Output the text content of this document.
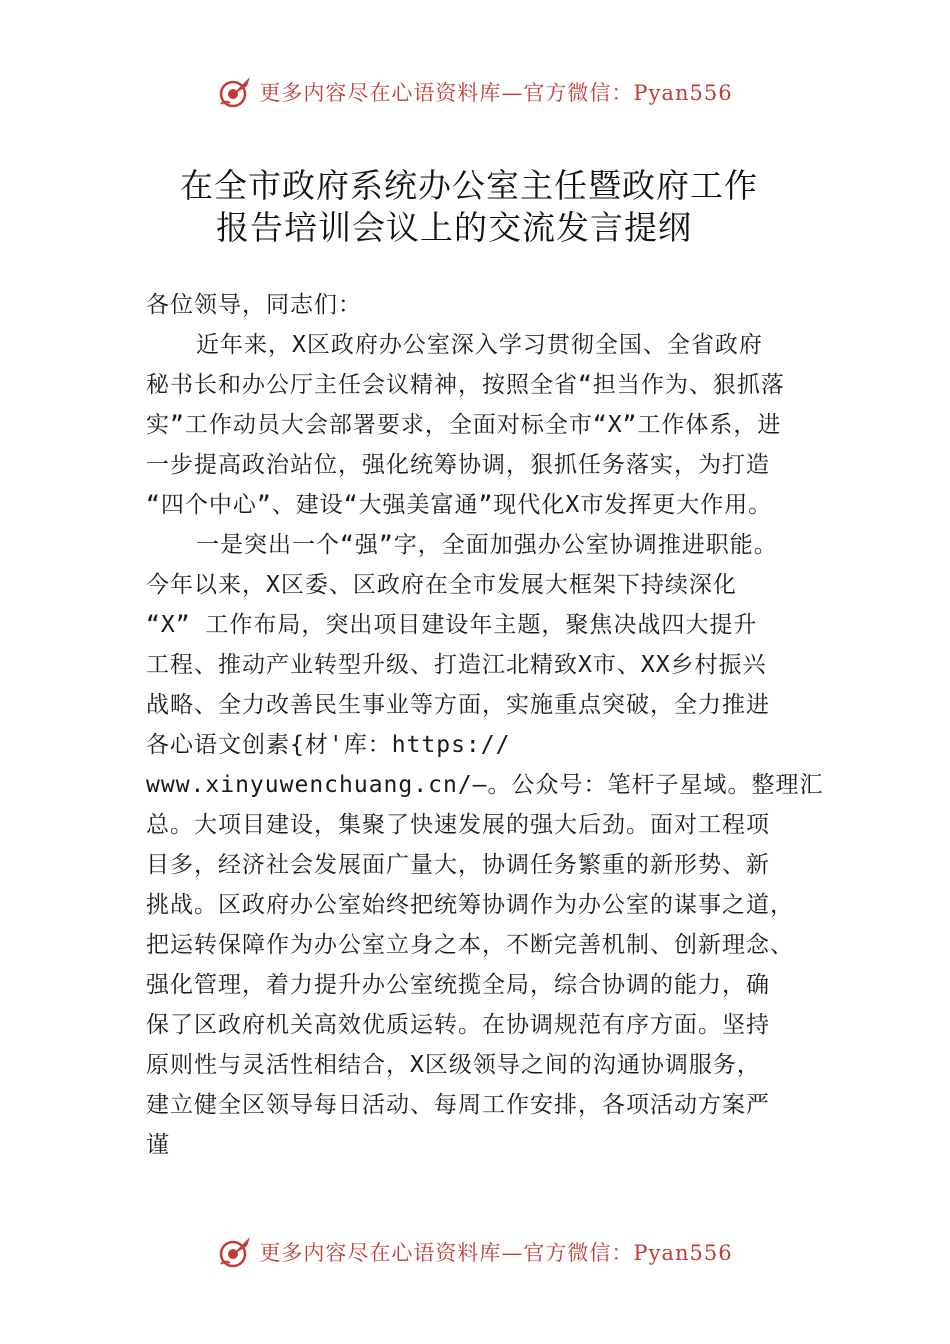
更多内容尽在心语资料库—官方微信：Pyan556
在全市政府系统办公室主任暨政府工作
报告培训会议上的交流发言提纲
各位领导，同志们：
近年来，X区政府办公室深入学习贯彻全国、全省政府
秘书长和办公厅主任会议精神，按照全省“担当作为、狠抓落
实”工作动员大会部署要求，全面对标全市“X”工作体系，进
一步提高政治站位，强化统筹协调，狠抓任务落实，为打造
“四个中心”、建设“大强美富通”现代化X市发挥更大作用。
一是突出一个“强”字，全面加强办公室协调推进职能。
今年以来，X区委、区政府在全市发展大框架下持续深化
“X” 工作布局，突出项目建设年主题，聚焦决战四大提升
工程、推动产业转型升级、打造江北精致X市、XX乡村振兴
战略、全力改善民生事业等方面，实施重点突破，全力推进
各心语文创素{材'库：https://
www.xinyuwenchuang.cn/—。公众号：笔杆子星域。整理汇
总。大项目建设，集聚了快速发展的强大后劲。面对工程项
目多，经济社会发展面广量大，协调任务繁重的新形势、新
挑战。区政府办公室始终把统筹协调作为办公室的谋事之道，
把运转保障作为办公室立身之本，不断完善机制、创新理念、
强化管理，着力提升办公室统揽全局，综合协调的能力，确
保了区政府机关高效优质运转。在协调规范有序方面。坚持
原则性与灵活性相结合，X区级领导之间的沟通协调服务，
建立健全区领导每日活动、每周工作安排，各项活动方案严
谨
更多内容尽在心语资料库—官方微信：Pyan556
